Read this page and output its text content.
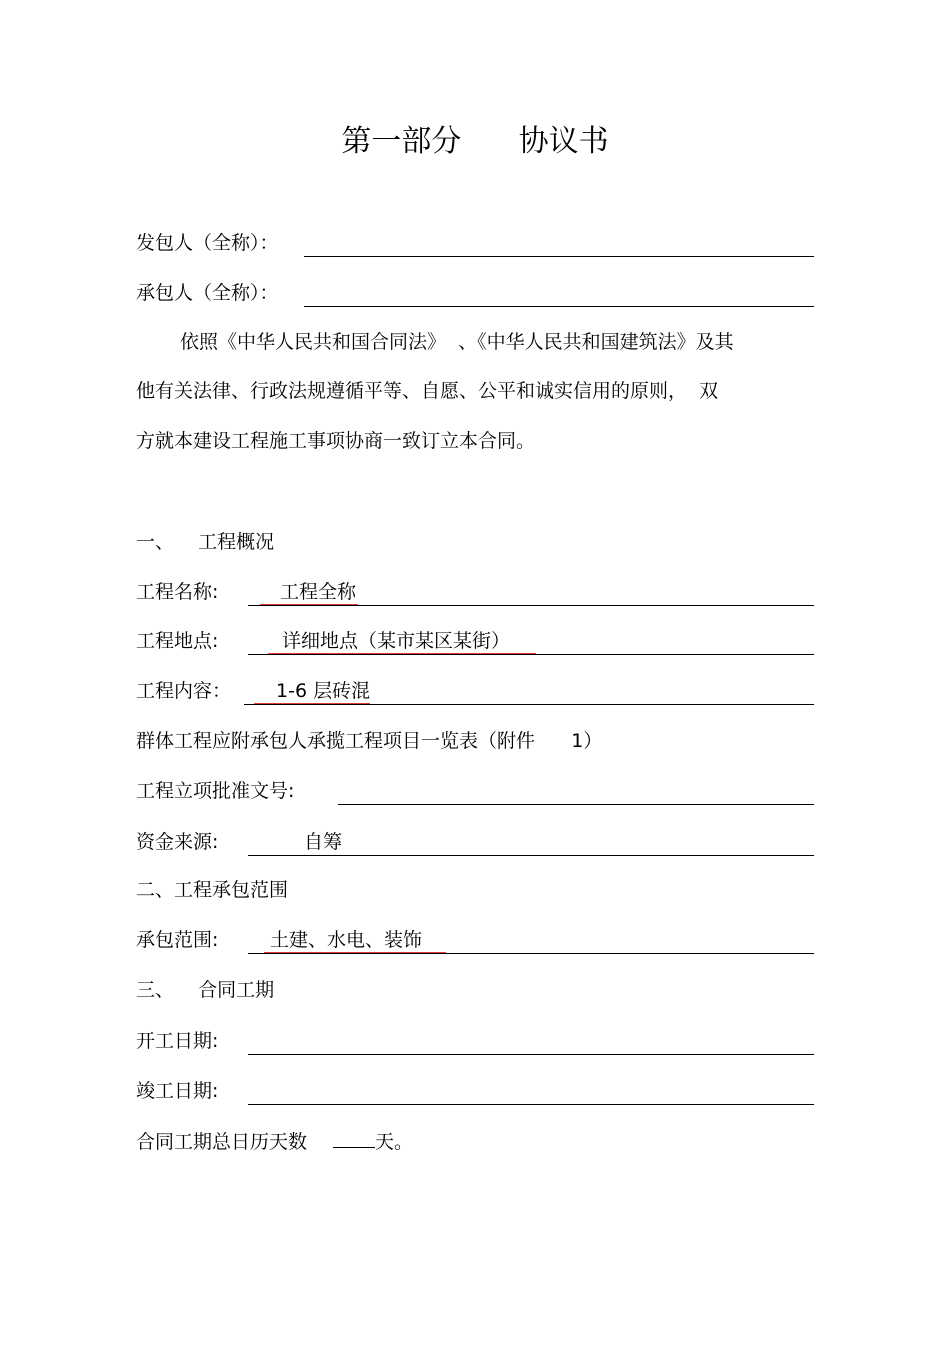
第一部分      协议书
发包人（全称）：
承包人（全称）：
依照《中华人民共和国合同法》  、《中华人民共和国建筑法》及其
他有关法律、行政法规遵循平等、自愿、公平和诚实信用的原则，  双
方就本建设工程施工事项协商一致订立本合同。
一、    工程概况
工程名称:	工程全称
工程地点:	详细地点（某市某区某街）
工程内容：	1-6 层砖混
群体工程应附承包人承揽工程项目一览表（附件      1）
工程立项批准文号:
资金来源:	自筹
二、工程承包范围
承包范围:	土建、水电、装饰
三、    合同工期
开工日期:
竣工日期:
合同工期总日历天数	天。
